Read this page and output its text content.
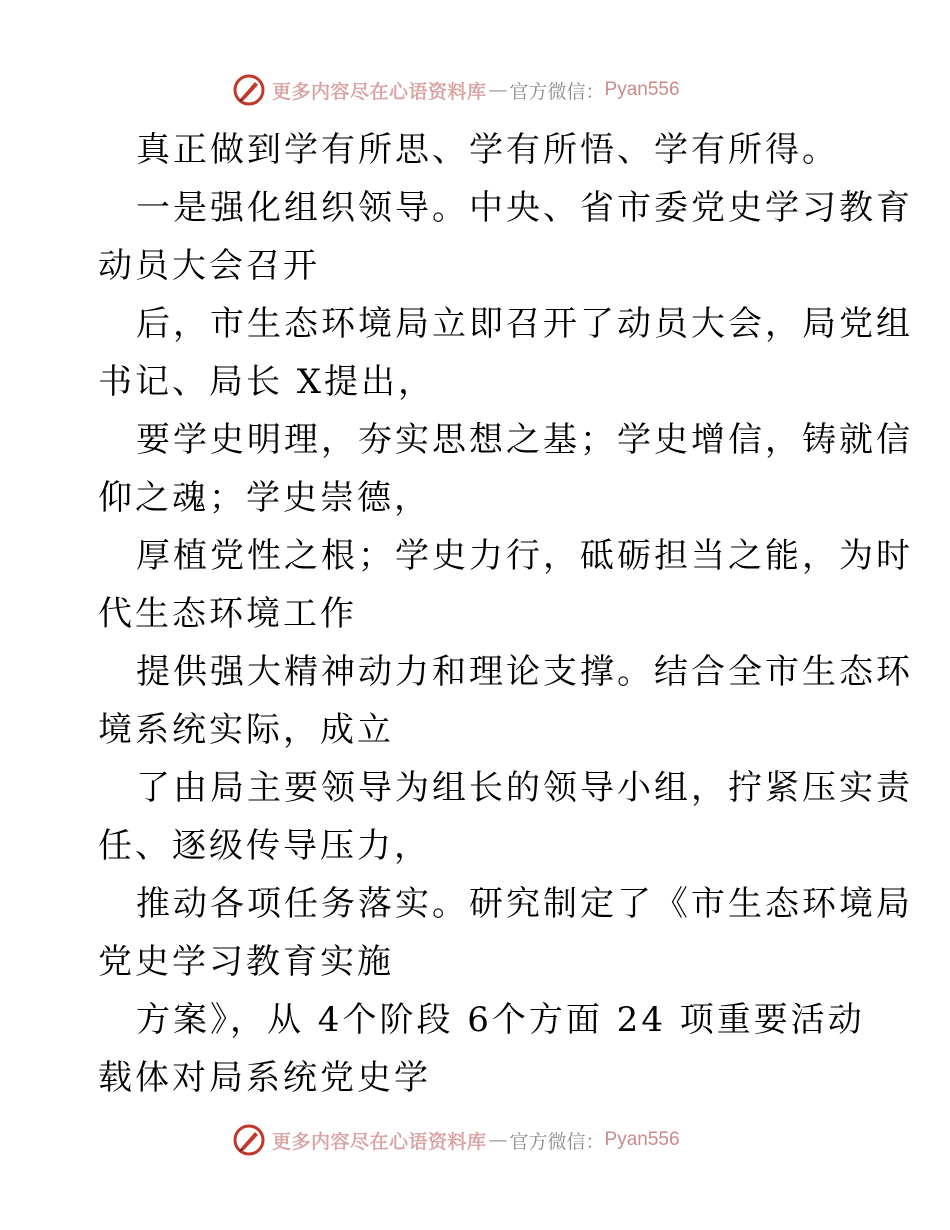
更多内容尽在心语资料库 — 官方微信： Pyan556
真正做到学有所思、学有所悟、学有所得。
一是强化组织领导。中央、省市委党史学习教育
动员大会召开
后，市生态环境局立即召开了动员大会，局党组
书记、局长 X提出，
要学史明理，夯实思想之基；学史增信，铸就信
仰之魂；学史崇德，
厚植党性之根；学史力行，砥砺担当之能，为时
代生态环境工作
提供强大精神动力和理论支撑。结合全市生态环
境系统实际，成立
了由局主要领导为组长的领导小组，拧紧压实责
任、逐级传导压力，
推动各项任务落实。研究制定了《市生态环境局
党史学习教育实施
方案》，从 4个阶段 6个方面 24 项重要活动
载体对局系统党史学
更多内容尽在心语资料库 — 官方微信： Pyan556
